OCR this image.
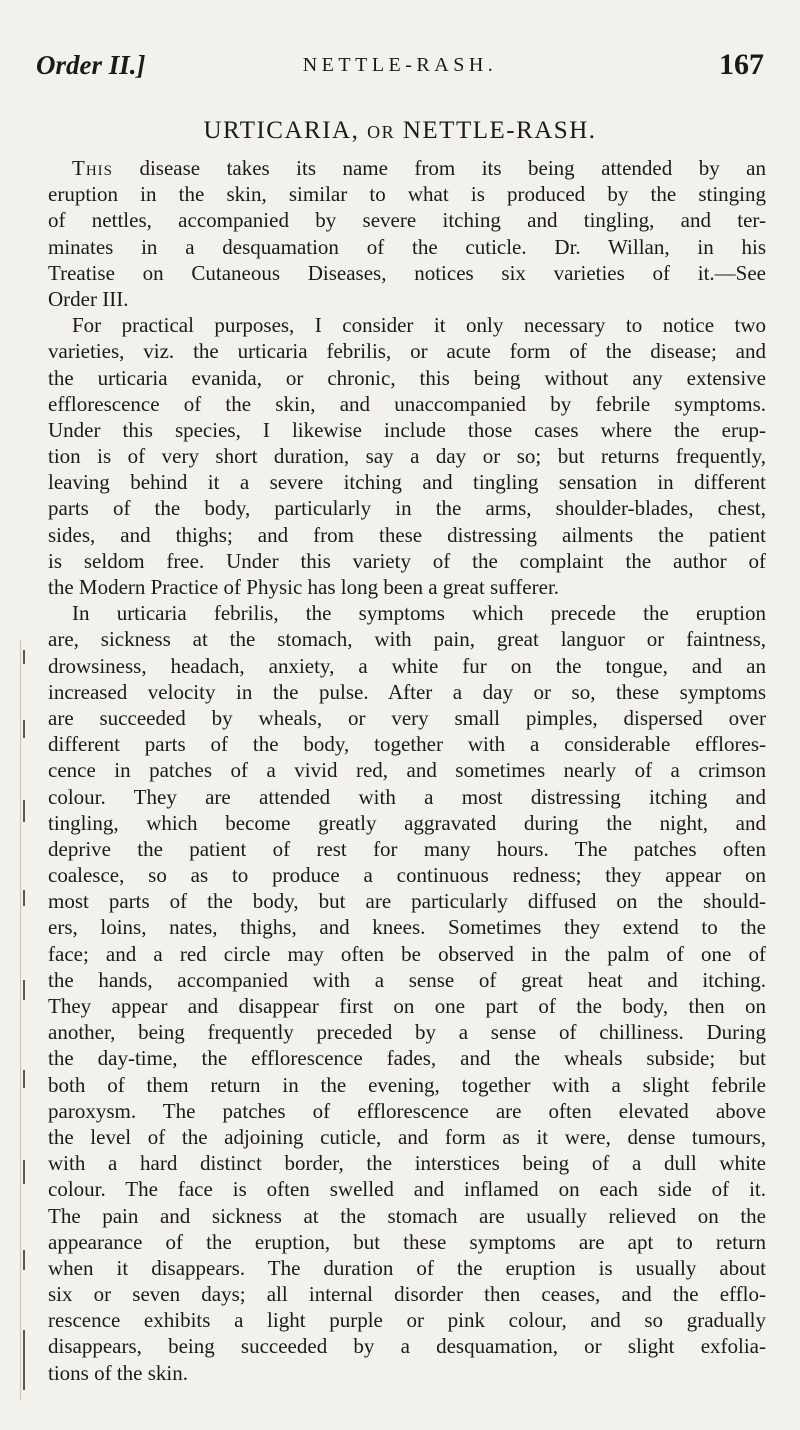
Order II.]	NETTLE-RASH.	167
URTICARIA, OR NETTLE-RASH.
This disease takes its name from its being attended by an
eruption in the skin, similar to what is produced by the stinging
of nettles, accompanied by severe itching and tingling, and ter-
minates in a desquamation of the cuticle. Dr. Willan, in his
Treatise on Cutaneous Diseases, notices six varieties of it.—See
Order III.
For practical purposes, I consider it only necessary to notice two
varieties, viz. the urticaria febrilis, or acute form of the disease; and
the urticaria evanida, or chronic, this being without any extensive
efflorescence of the skin, and unaccompanied by febrile symptoms.
Under this species, I likewise include those cases where the erup-
tion is of very short duration, say a day or so; but returns frequently,
leaving behind it a severe itching and tingling sensation in different
parts of the body, particularly in the arms, shoulder-blades, chest,
sides, and thighs; and from these distressing ailments the patient
is seldom free. Under this variety of the complaint the author of
the Modern Practice of Physic has long been a great sufferer.
In urticaria febrilis, the symptoms which precede the eruption
are, sickness at the stomach, with pain, great languor or faintness,
drowsiness, headach, anxiety, a white fur on the tongue, and an
increased velocity in the pulse. After a day or so, these symptoms
are succeeded by wheals, or very small pimples, dispersed over
different parts of the body, together with a considerable efflores-
cence in patches of a vivid red, and sometimes nearly of a crimson
colour. They are attended with a most distressing itching and
tingling, which become greatly aggravated during the night, and
deprive the patient of rest for many hours. The patches often
coalesce, so as to produce a continuous redness; they appear on
most parts of the body, but are particularly diffused on the should-
ers, loins, nates, thighs, and knees. Sometimes they extend to the
face; and a red circle may often be observed in the palm of one of
the hands, accompanied with a sense of great heat and itching.
They appear and disappear first on one part of the body, then on
another, being frequently preceded by a sense of chilliness. During
the day-time, the efflorescence fades, and the wheals subside; but
both of them return in the evening, together with a slight febrile
paroxysm. The patches of efflorescence are often elevated above
the level of the adjoining cuticle, and form as it were, dense tumours,
with a hard distinct border, the interstices being of a dull white
colour. The face is often swelled and inflamed on each side of it.
The pain and sickness at the stomach are usually relieved on the
appearance of the eruption, but these symptoms are apt to return
when it disappears. The duration of the eruption is usually about
six or seven days; all internal disorder then ceases, and the efflo-
rescence exhibits a light purple or pink colour, and so gradually
disappears, being succeeded by a desquamation, or slight exfolia-
tions of the skin.
